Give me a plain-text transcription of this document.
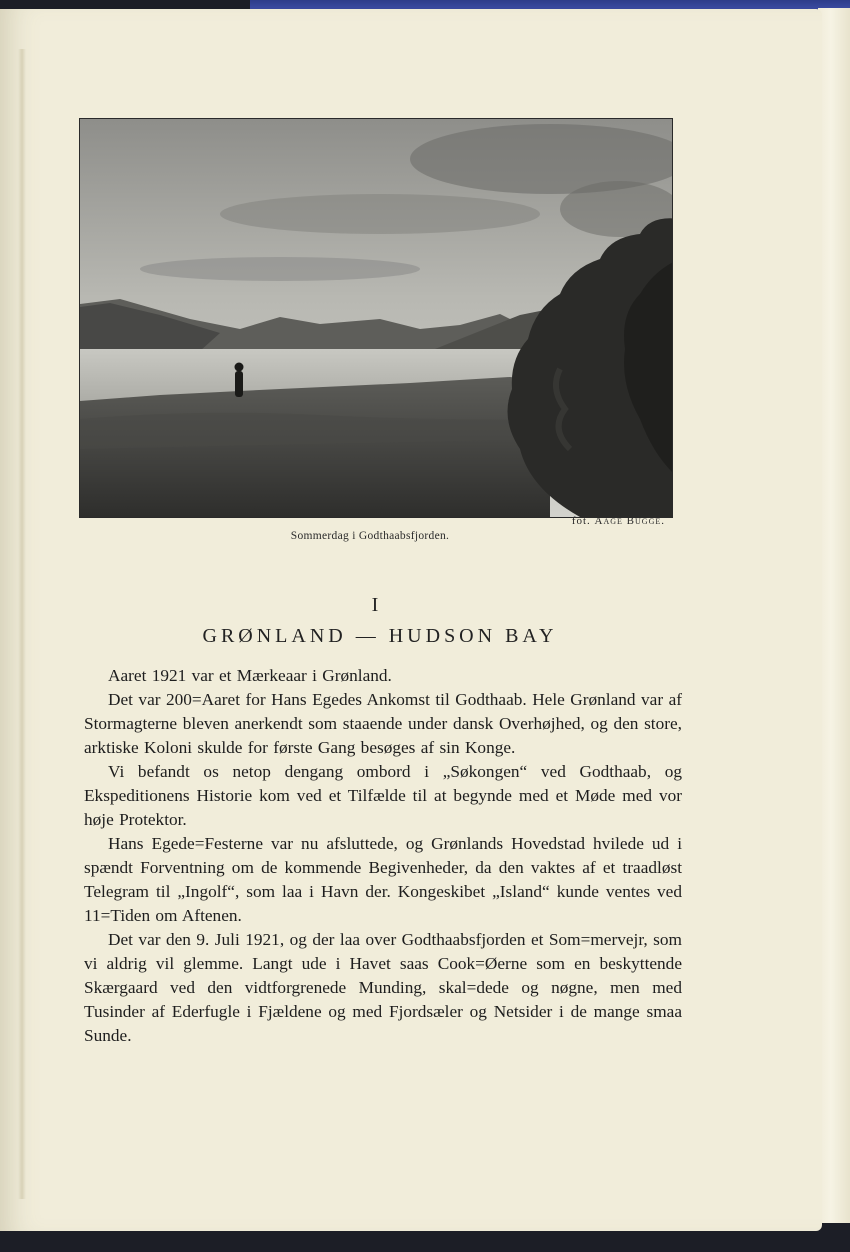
fot. Aage Bugge.
Sommerdag i Godthaabsfjorden.
I
GRØNLAND — HUDSON BAY

Aaret 1921 var et Mærkeaar i Grønland.

Det var 200=Aaret for Hans Egedes Ankomst til Godthaab. Hele Grønland var af Stormagterne bleven anerkendt som staaende under dansk Overhøjhed, og den store, arktiske Koloni skulde for første Gang besøges af sin Konge.

Vi befandt os netop dengang ombord i „Søkongen“ ved Godthaab, og Ekspeditionens Historie kom ved et Tilfælde til at begynde med et Møde med vor høje Protektor.

Hans Egede=Festerne var nu afsluttede, og Grønlands Hovedstad hvilede ud i spændt Forventning om de kommende Begivenheder, da den vaktes af et traadløst Telegram til „Ingolf“, som laa i Havn der. Kongeskibet „Island“ kunde ventes ved 11=Tiden om Aftenen.

Det var den 9. Juli 1921, og der laa over Godthaabsfjorden et Som=mervejr, som vi aldrig vil glemme. Langt ude i Havet saas Cook=Øerne som en beskyttende Skærgaard ved den vidtforgrenede Munding, skal=dede og nøgne, men med Tusinder af Ederfugle i Fjældene og med Fjordsæler og Netsider i de mange smaa Sunde.
